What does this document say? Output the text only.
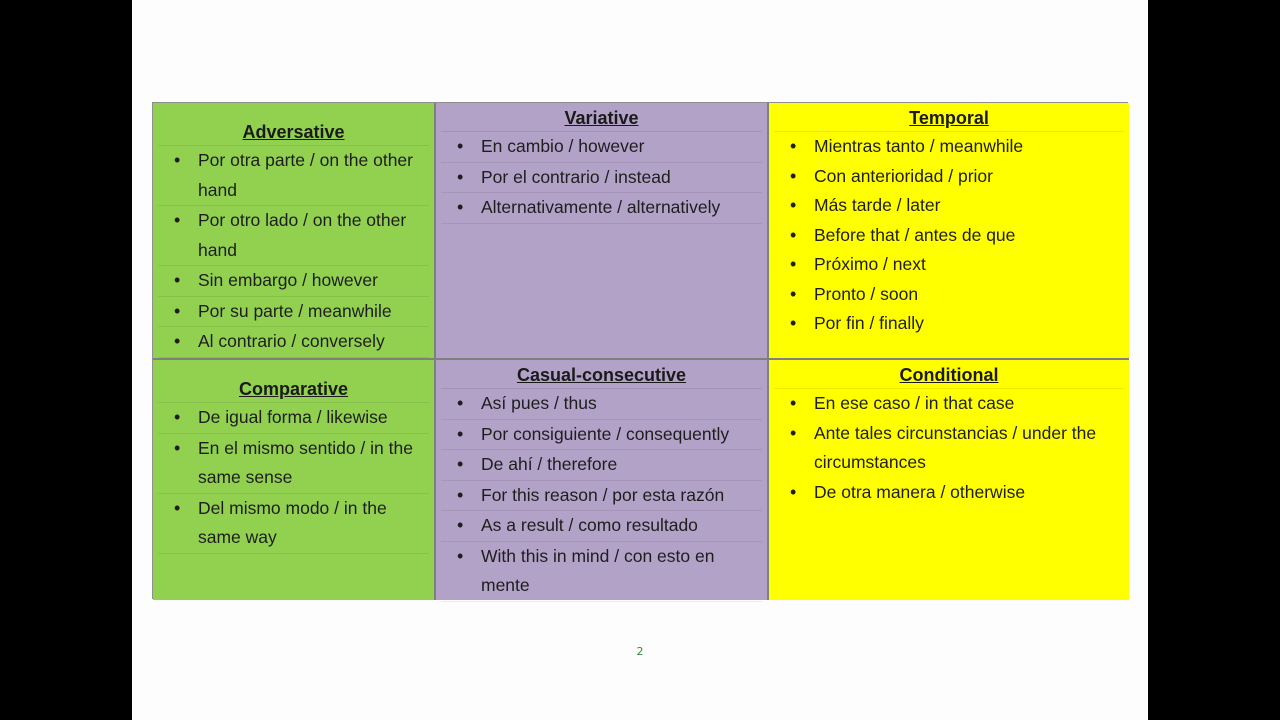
Adversative
• Por otra parte / on the other hand
• Por otro lado / on the other hand
• Sin embargo / however
• Por su parte / meanwhile
• Al contrario / conversely
Variative
• En cambio / however
• Por el contrario / instead
• Alternativamente / alternatively
Temporal
• Mientras tanto / meanwhile
• Con anterioridad / prior
• Más tarde / later
• Before that / antes de que
• Próximo / next
• Pronto / soon
• Por fin / finally
Comparative
• De igual forma / likewise
• En el mismo sentido / in the same sense
• Del mismo modo / in the same way
Casual-consecutive
• Así pues / thus
• Por consiguiente / consequently
• De ahí / therefore
• For this reason / por esta razón
• As a result / como resultado
• With this in mind / con esto en mente
Conditional
• En ese caso / in that case
• Ante tales circunstancias / under the circumstances
• De otra manera / otherwise
2
